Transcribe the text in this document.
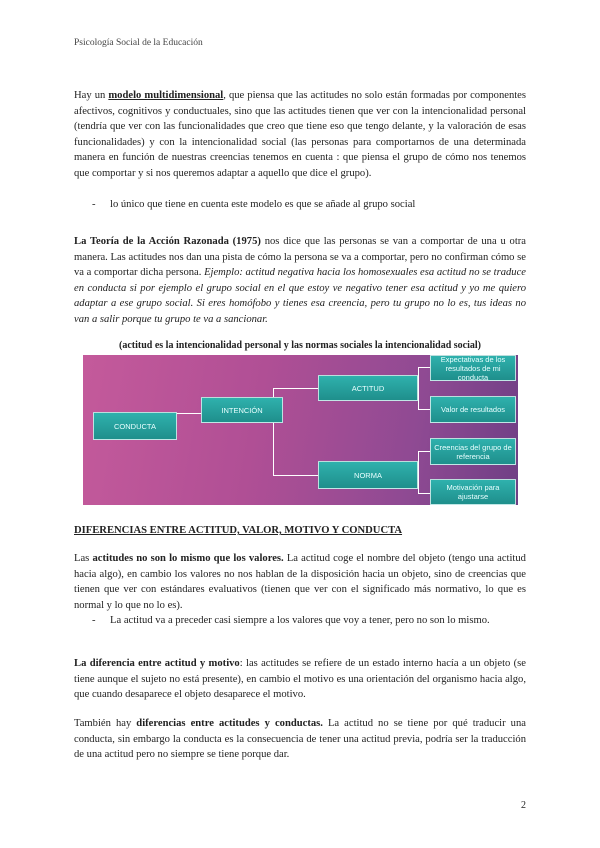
Psicología Social de la Educación

Hay un modelo multidimensional, que piensa que las actitudes no solo están formadas por componentes afectivos, cognitivos y conductuales, sino que las actitudes tienen que ver con la intencionalidad personal (tendría que ver con las funcionalidades que creo que tiene eso que tengo delante, y la valoración de esas funcionalidades) y con la intencionalidad social (las personas para comportarnos de una determinada manera en función de nuestras creencias tenemos en cuenta : que piensa el grupo de cómo nos tenemos que comportar y si nos queremos adaptar a aquello que dice el grupo).

- lo único que tiene en cuenta este modelo es que se añade al grupo social

La Teoría de la Acción Razonada (1975) nos dice que las personas se van a comportar de una u otra manera. Las actitudes nos dan una pista de cómo la persona se va a comportar, pero no confirman cómo se va a comportar dicha persona. Ejemplo: actitud negativa hacia los homosexuales esa actitud no se traduce en conducta si por ejemplo el grupo social en el que estoy ve negativo tener esa actitud y yo me quiero adaptar a ese grupo social. Si eres homófobo y tienes esa creencia, pero tu grupo no lo es, tus ideas no van a salir porque tu grupo te va a sancionar.

(actitud es la intencionalidad personal y las normas sociales la intencionalidad social)
CONDUCTA
INTENCIÓN
ACTITUD
NORMA
Expectativas de los resultados de mi conducta
Valor de resultados
Creencias del grupo de referencia
Motivación para ajustarse

DIFERENCIAS ENTRE ACTITUD, VALOR, MOTIVO Y CONDUCTA

Las actitudes no son lo mismo que los valores. La actitud coge el nombre del objeto (tengo una actitud hacia algo), en cambio los valores no nos hablan de la disposición hacia un objeto, sino de creencias que tienen que ver con estándares evaluativos (tienen que ver con el significado más normativo, lo que es normal y lo que no lo es).

- La actitud va a preceder casi siempre a los valores que voy a tener, pero no son lo mismo.

La diferencia entre actitud y motivo: las actitudes se refiere de un estado interno hacía a un objeto (se tiene aunque el sujeto no está presente), en cambio el motivo es una orientación del organismo hacia algo, que cuando desaparece el objeto desaparece el motivo.

También hay diferencias entre actitudes y conductas. La actitud no se tiene por qué traducir una conducta, sin embargo la conducta es la consecuencia de tener una actitud previa, podría ser la traducción de una actitud pero no siempre se tiene porque dar.

2
